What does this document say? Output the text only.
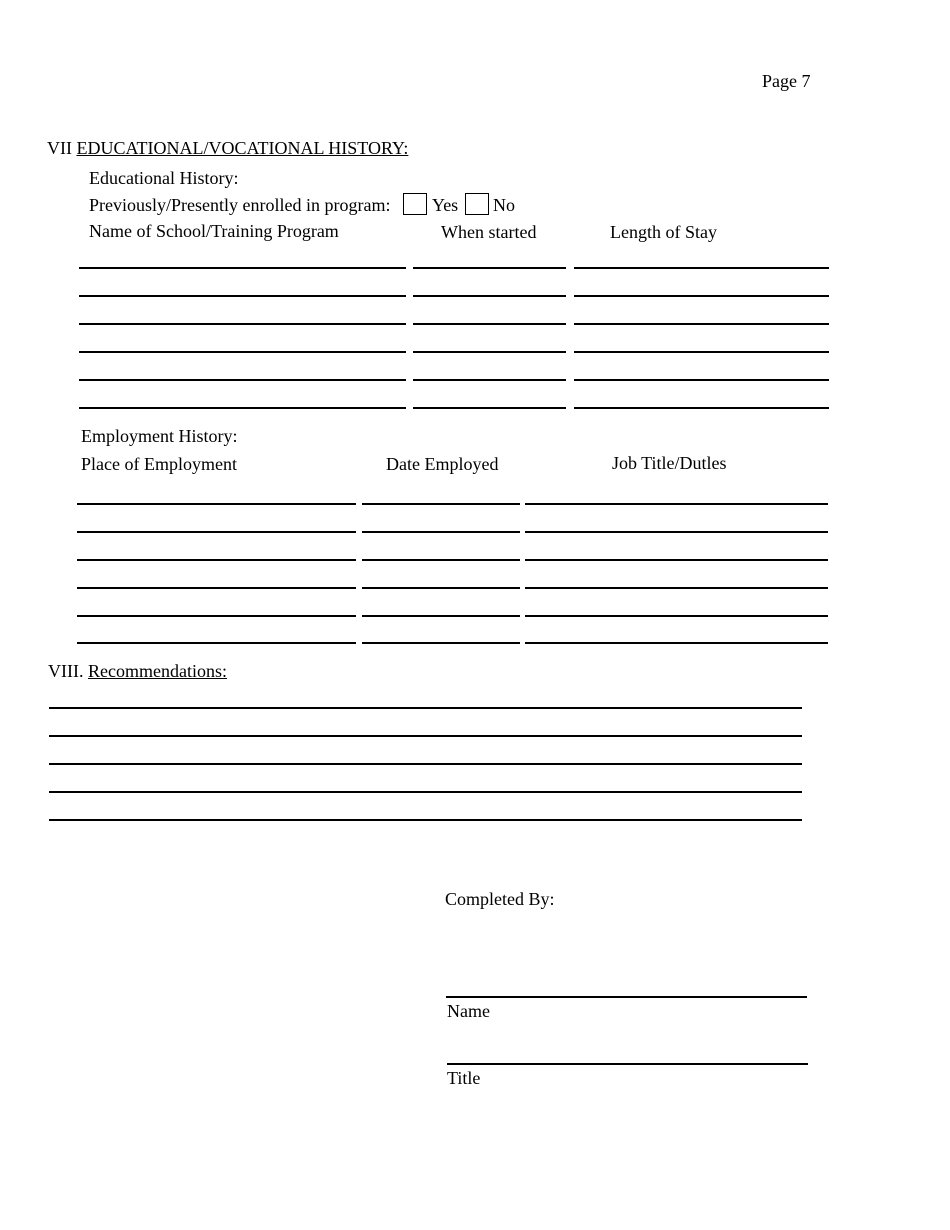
Page 7
VII EDUCATIONAL/VOCATIONAL HISTORY:
Educational History:
Previously/Presently enrolled in program: Yes No
Name of School/Training Program	When started	Length of Stay
Employment History:
Place of Employment	Date Employed	Job Title/Dutles
VIII. Recommendations:
Completed By:
Name
Title
